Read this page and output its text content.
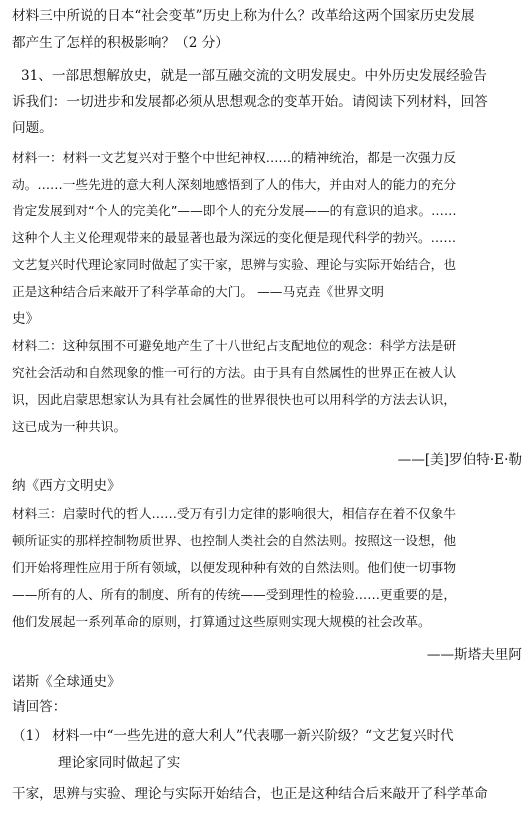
材料三中所说的日本“社会变革”历史上称为什么？改革给这两个国家历史发展
都产生了怎样的积极影响？（2 分）
31、一部思想解放史，就是一部互融交流的文明发展史。中外历史发展经验告
诉我们：一切进步和发展都必须从思想观念的变革开始。请阅读下列材料，回答
问题。
材料一：材料一文艺复兴对于整个中世纪神权……的精神统治，都是一次强力反
动。……一些先进的意大利人深刻地感悟到了人的伟大，并由对人的能力的充分
肯定发展到对“个人的完美化”——即个人的充分发展——的有意识的追求。……
这种个人主义伦理观带来的最显著也最为深远的变化便是现代科学的勃兴。……
文艺复兴时代理论家同时做起了实干家，思辨与实验、理论与实际开始结合，也
正是这种结合后来敲开了科学革命的大门。 ——马克垚《世界文明
史》
材料二：这种氛围不可避免地产生了十八世纪占支配地位的观念：科学方法是研
究社会活动和自然现象的惟一可行的方法。由于具有自然属性的世界正在被人认
识，因此启蒙思想家认为具有社会属性的世界很快也可以用科学的方法去认识，
这已成为一种共识。
——[美]罗伯特·E·勒
纳《西方文明史》
材料三：启蒙时代的哲人……受万有引力定律的影响很大，相信存在着不仅象牛
顿所证实的那样控制物质世界、也控制人类社会的自然法则。按照这一设想，他
们开始将理性应用于所有领域，以便发现种种有效的自然法则。他们使一切事物
——所有的人、所有的制度、所有的传统——受到理性的检验……更重要的是，
他们发展起一系列革命的原则，打算通过这些原则实现大规模的社会改革。
——斯塔夫里阿
诺斯《全球通史》
请回答：
（1） 材料一中“一些先进的意大利人”代表哪一新兴阶级？“文艺复兴时代
理论家同时做起了实
干家，思辨与实验、理论与实际开始结合，也正是这种结合后来敲开了科学革命
